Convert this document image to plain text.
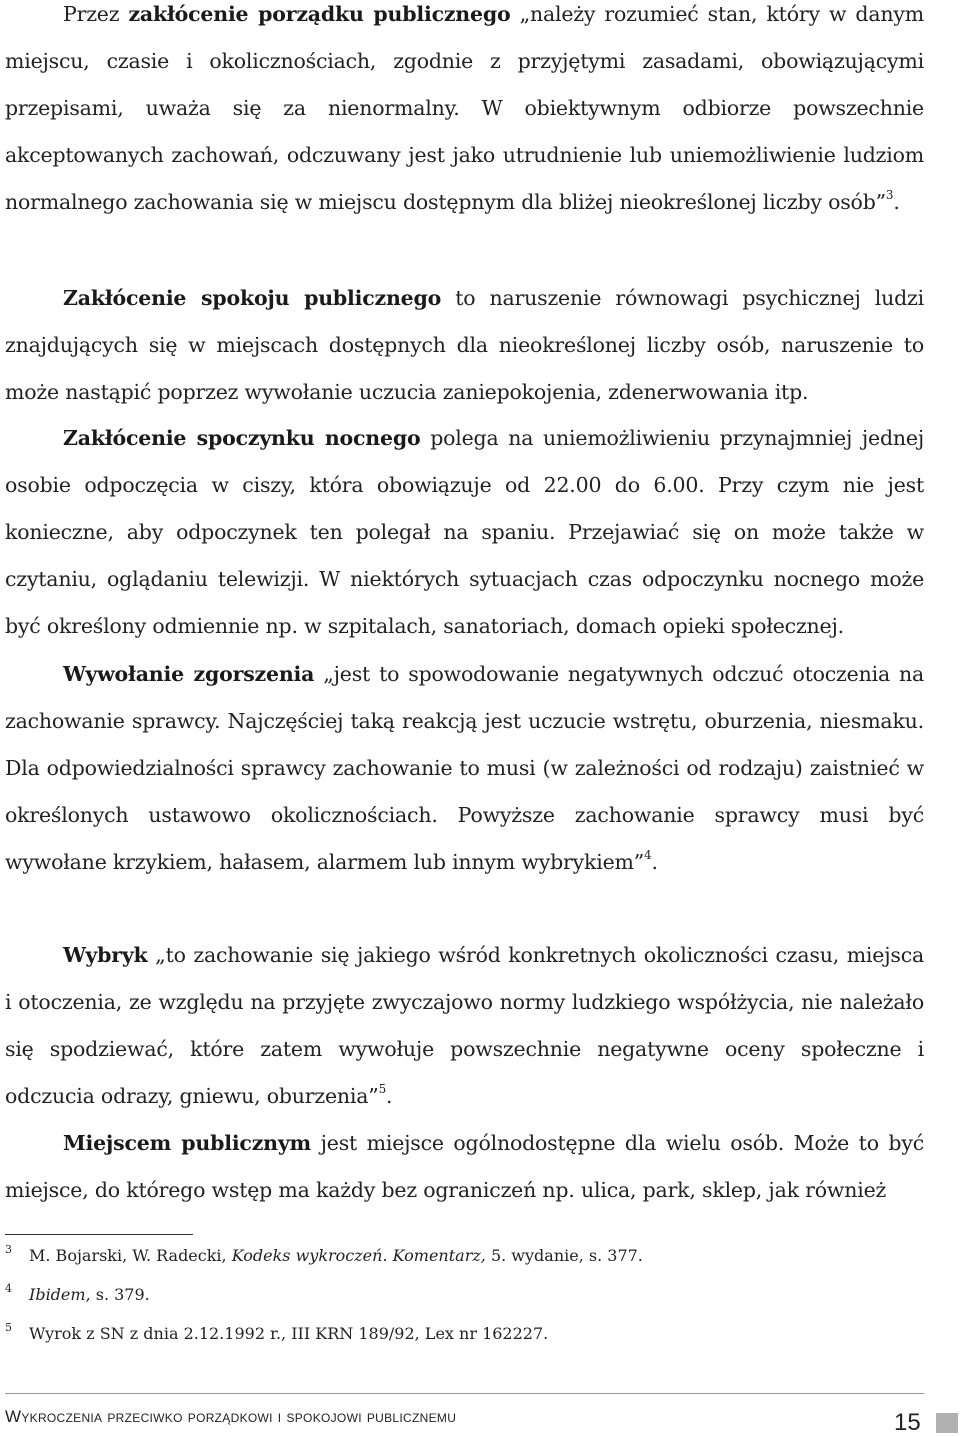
Przez zakłócenie porządku publicznego „należy rozumieć stan, który w danym miejscu, czasie i okolicznościach, zgodnie z przyjętymi zasadami, obowiązującymi przepisami, uważa się za nienormalny. W obiektywnym odbiorze powszechnie akceptowanych zachowań, odczuwany jest jako utrudnienie lub uniemożliwienie ludziom normalnego zachowania się w miejscu dostępnym dla bliżej nieokreślonej liczby osób”$^3$.

Zakłócenie spokoju publicznego to naruszenie równowagi psychicznej ludzi znajdujących się w miejscach dostępnych dla nieokreślonej liczby osób, naruszenie to może nastąpić poprzez wywołanie uczucia zaniepokojenia, zdenerwowania itp.

Zakłócenie spoczynku nocnego polega na uniemożliwieniu przynajmniej jednej osobie odpoczęcia w ciszy, która obowiązuje od 22.00 do 6.00. Przy czym nie jest konieczne, aby odpoczynek ten polegał na spaniu. Przejawiać się on może także w czytaniu, oglądaniu telewizji. W niektórych sytuacjach czas odpoczynku nocnego może być określony odmiennie np. w szpitalach, sanatoriach, domach opieki społecznej.

Wywołanie zgorszenia „jest to spowodowanie negatywnych odczuć otoczenia na zachowanie sprawcy. Najczęściej taką reakcją jest uczucie wstrętu, oburzenia, niesmaku. Dla odpowiedzialności sprawcy zachowanie to musi (w zależności od rodzaju) zaistnieć w określonych ustawowo okolicznościach. Powyższe zachowanie sprawcy musi być wywołane krzykiem, hałasem, alarmem lub innym wybrykiem”$^4$.

Wybryk „to zachowanie się jakiego wśród konkretnych okoliczności czasu, miejsca i otoczenia, ze względu na przyjęte zwyczajowo normy ludzkiego współżycia, nie należało się spodziewać, które zatem wywołuje powszechnie negatywne oceny społeczne i odczucia odrazy, gniewu, oburzenia”$^5$.

Miejscem publicznym jest miejsce ogólnodostępne dla wielu osób. Może to być miejsce, do którego wstęp ma każdy bez ograniczeń np. ulica, park, sklep, jak również

3 M. Bojarski, W. Radecki, Kodeks wykroczeń. Komentarz, 5. wydanie, s. 377.
4 Ibidem, s. 379.
5 Wyrok z SN z dnia 2.12.1992 r., III KRN 189/92, Lex nr 162227.
Wykroczenia przeciwko porządkowi i spokojowi publicznemu	15
